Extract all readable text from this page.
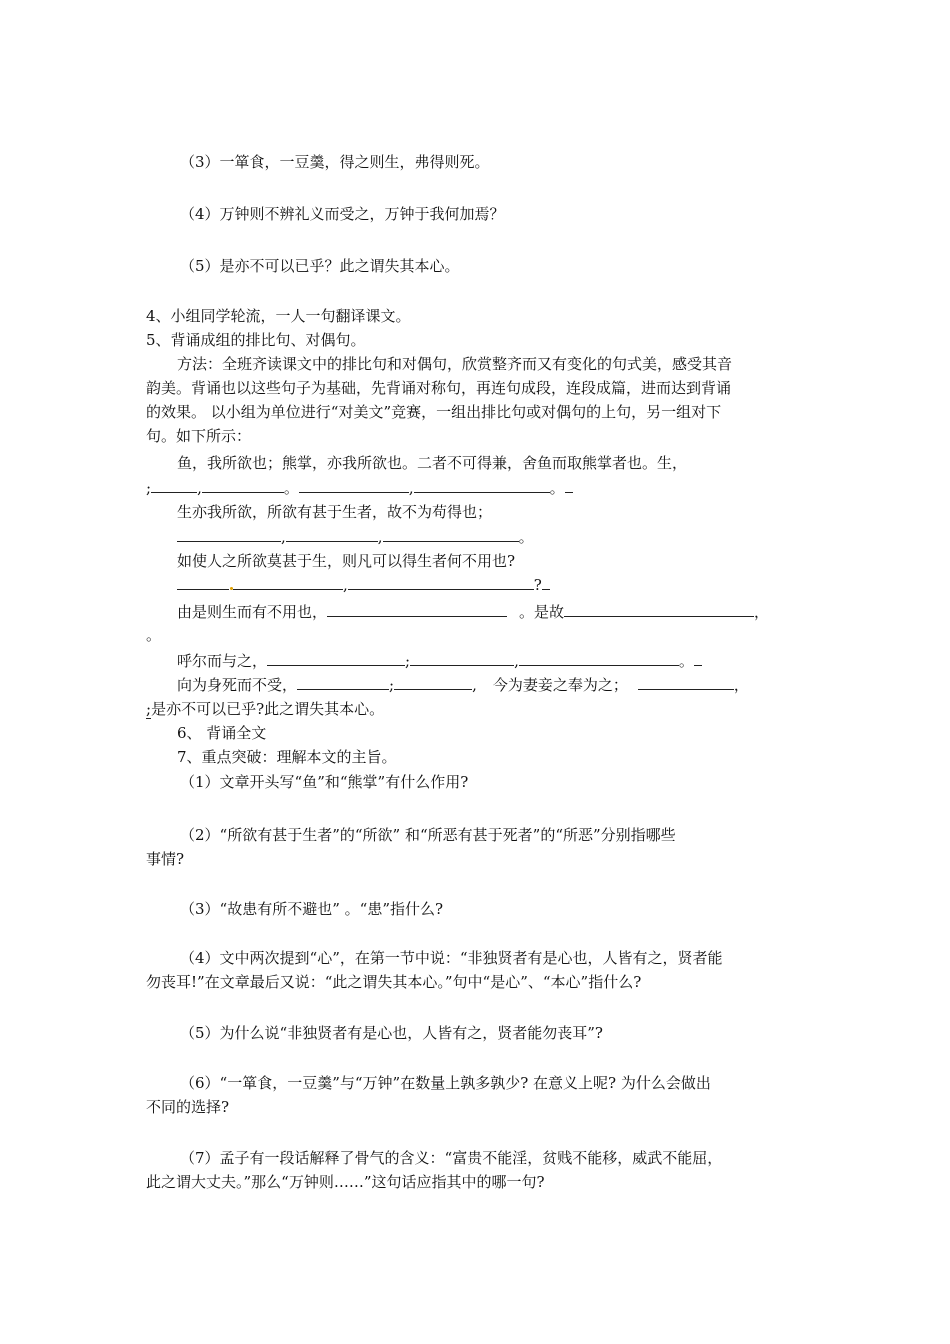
（3）一箪食，一豆羹，得之则生，弗得则死。
（4）万钟则不辨礼义而受之，万钟于我何加焉？
（5）是亦不可以已乎？此之谓失其本心。
4、小组同学轮流，一人一句翻译课文。
5、背诵成组的排比句、对偶句。
方法：全班齐读课文中的排比句和对偶句，欣赏整齐而又有变化的句式美，感受其音
韵美。背诵也以这些句子为基础，先背诵对称句，再连句成段，连段成篇，进而达到背诵
的效果。 以小组为单位进行“对美文”竞赛，一组出排比句或对偶句的上句，另一组对下
句。如下所示：
鱼，我所欲也；熊掌，亦我所欲也。二者不可得兼，舍鱼而取熊掌者也。生，
;	,	。	,	。
生亦我所欲，所欲有甚于生者，故不为苟得也；
,	,	。
如使人之所欲莫甚于生，则凡可以得生者何不用也?
,	?
由是则生而有不用也，	。是故	，
。
呼尔而与之，	;	,	。
向为身死而不受，	;	, 今为妻妾之奉为之；	，
;是亦不可以已乎?此之谓失其本心。
6、 背诵全文
7、重点突破：理解本文的主旨。
（1）文章开头写“鱼”和“熊掌”有什么作用?
（2）“所欲有甚于生者”的“所欲” 和“所恶有甚于死者”的“所恶”分别指哪些
事情?
（3）“故患有所不避也” 。“患”指什么?
（4）文中两次提到“心”，在第一节中说：“非独贤者有是心也，人皆有之，贤者能
勿丧耳!”在文章最后又说：“此之谓失其本心。”句中“是心”、“本心”指什么?
（5）为什么说“非独贤者有是心也，人皆有之，贤者能勿丧耳”?
（6）“一箪食，一豆羹”与“万钟”在数量上孰多孰少? 在意义上呢? 为什么会做出
不同的选择?
（7）孟子有一段话解释了骨气的含义：“富贵不能淫，贫贱不能移，威武不能屈，
此之谓大丈夫。”那么“万钟则……”这句话应指其中的哪一句?
